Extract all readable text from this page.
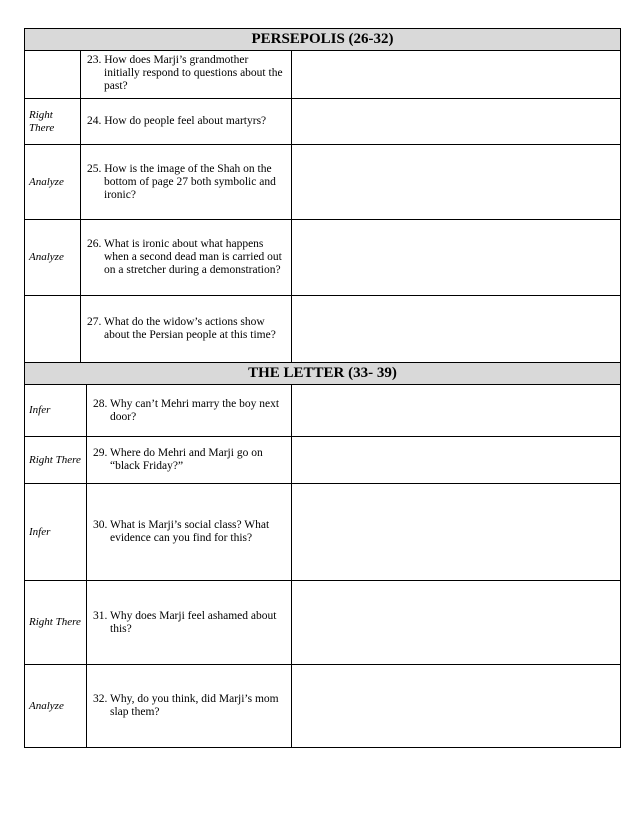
PERSEPOLIS (26-32)		

	23. How does Marji’s grandmother initially respond to questions about the past?	

Right There	24. How do people feel about martyrs?	

Analyze	25. How is the image of the Shah on the bottom of page 27 both symbolic and ironic?	

Analyze	26. What is ironic about what happens when a second dead man is carried out on a stretcher during a demonstration?	

	27. What do the widow’s actions show about the Persian people at this time?	

THE LETTER (33- 39)		
Infer	28. Why can’t Mehri marry the boy next door?	

Right There	29. Where do Mehri and Marji go on “black Friday?”	

Infer	30. What is Marji’s social class? What evidence can you find for this?	

Right There	31. Why does Marji feel ashamed about this?	

Analyze	32. Why, do you think, did Marji’s mom slap them?	
